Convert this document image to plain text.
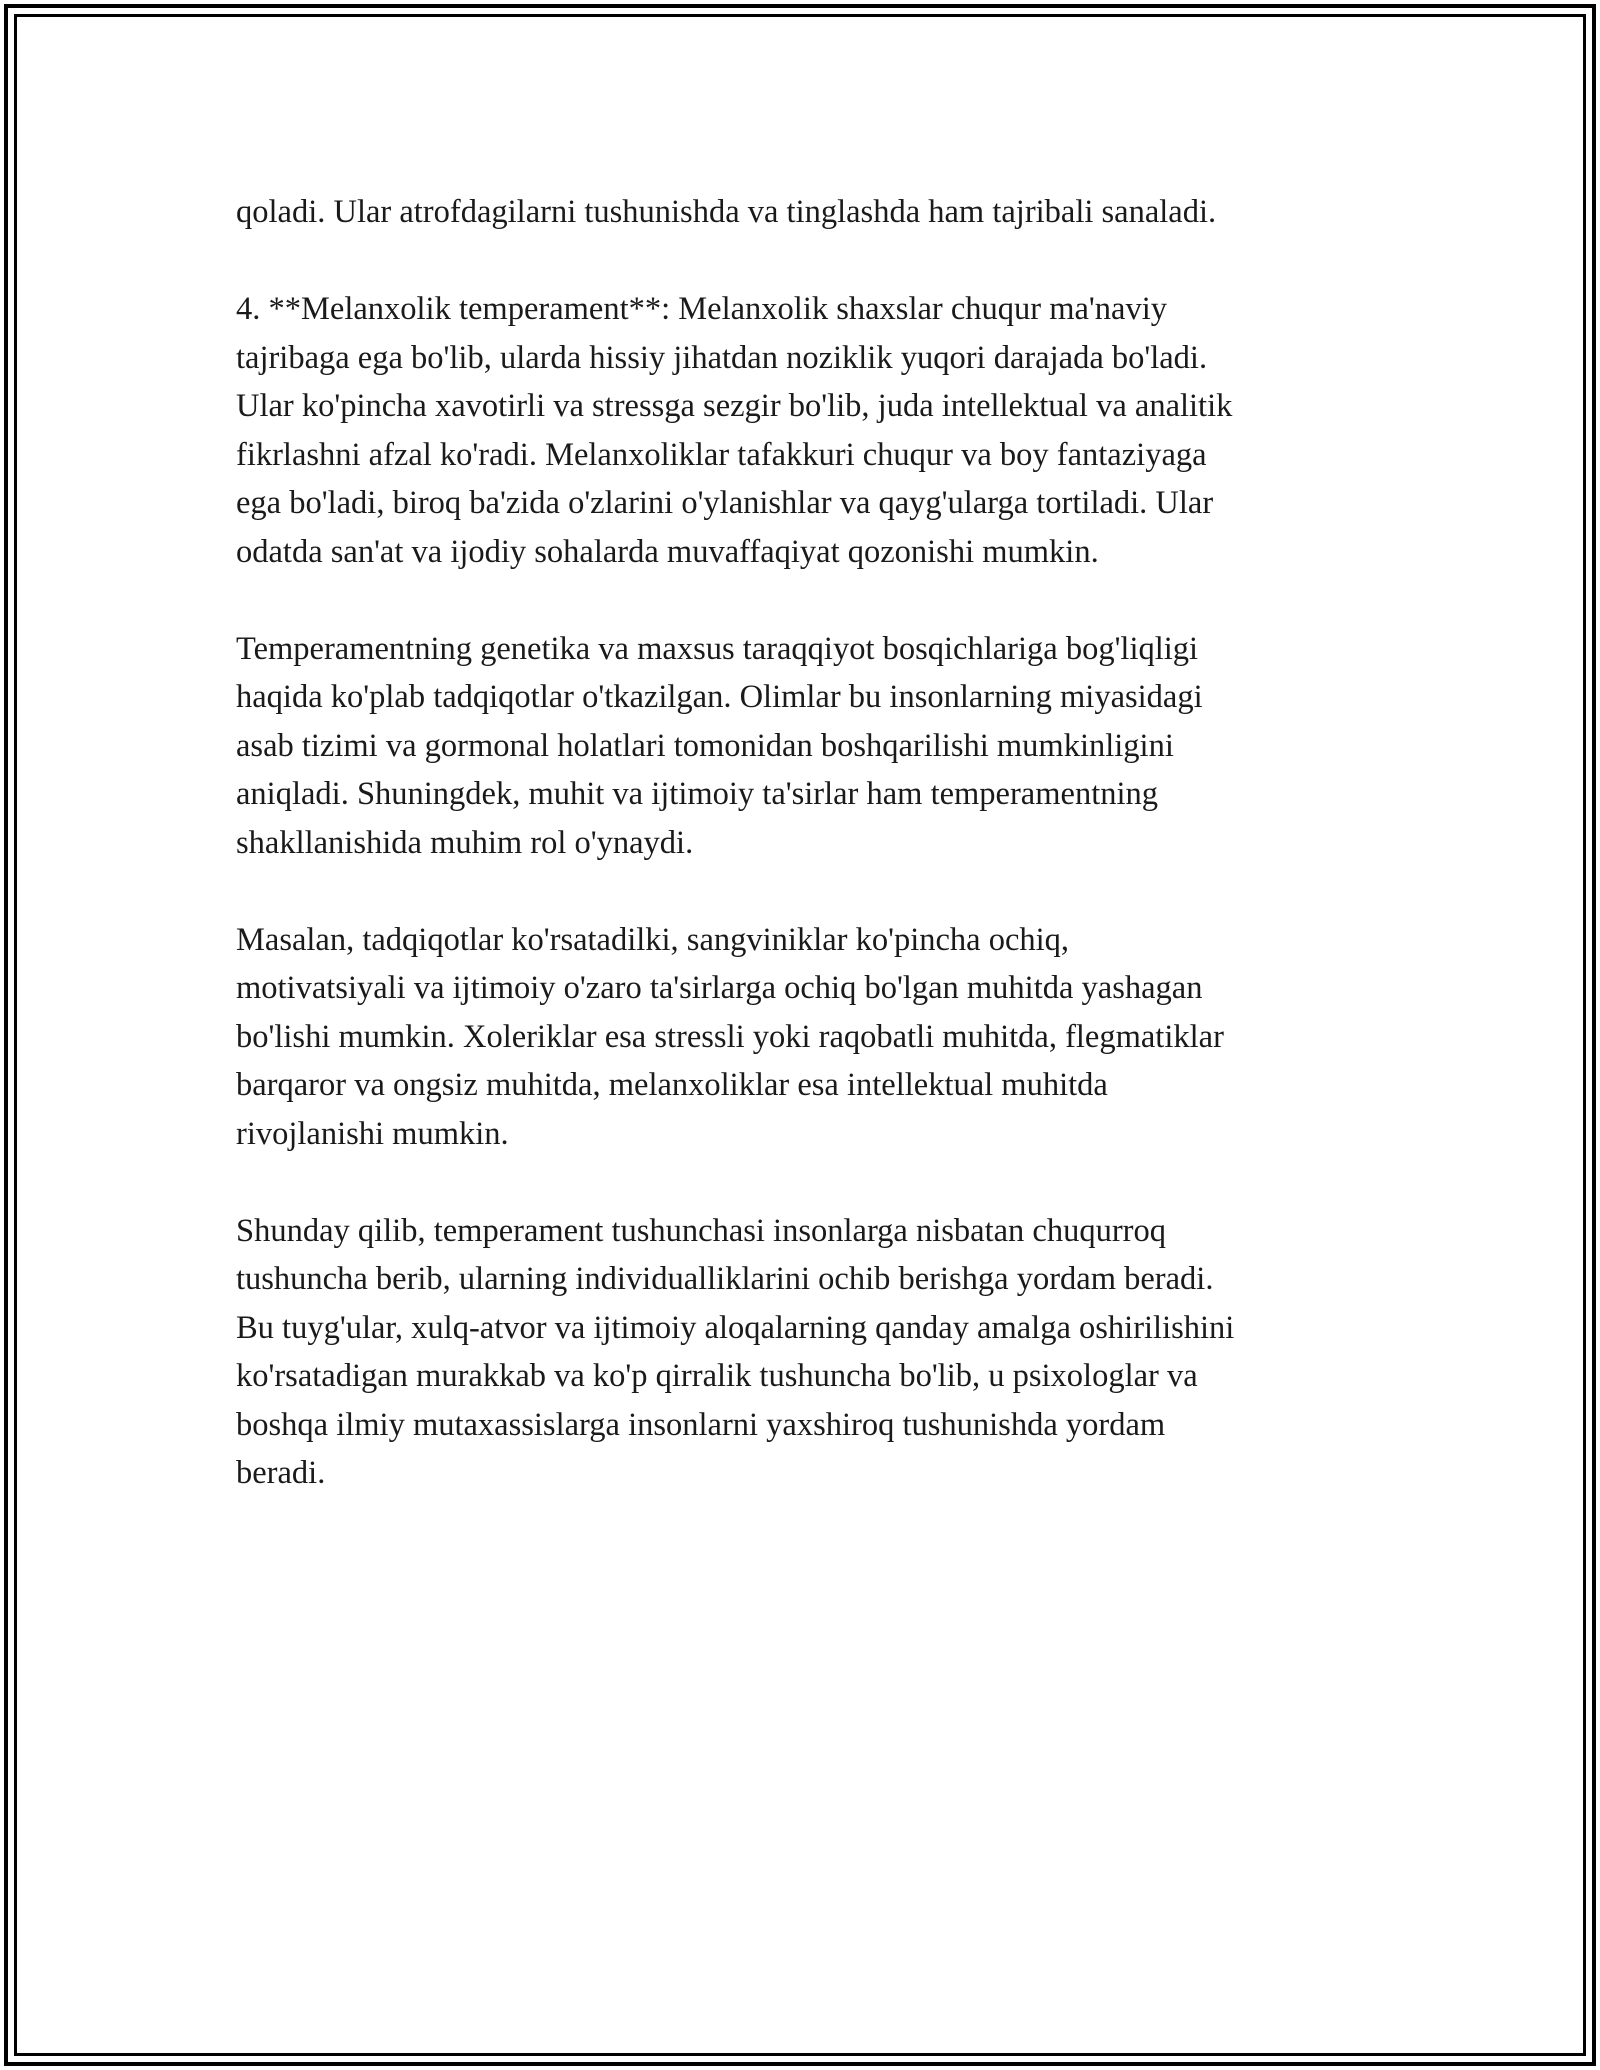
qoladi. Ular atrofdagilarni tushunishda va tinglashda ham tajribali sanaladi.

4. **Melanxolik temperament**: Melanxolik shaxslar chuqur ma'naviy
tajribaga ega bo'lib, ularda hissiy jihatdan noziklik yuqori darajada bo'ladi.
Ular ko'pincha xavotirli va stressga sezgir bo'lib, juda intellektual va analitik
fikrlashni afzal ko'radi. Melanxoliklar tafakkuri chuqur va boy fantaziyaga
ega bo'ladi, biroq ba'zida o'zlarini o'ylanishlar va qayg'ularga tortiladi. Ular
odatda san'at va ijodiy sohalarda muvaffaqiyat qozonishi mumkin.

Temperamentning genetika va maxsus taraqqiyot bosqichlariga bog'liqligi
haqida ko'plab tadqiqotlar o'tkazilgan. Olimlar bu insonlarning miyasidagi
asab tizimi va gormonal holatlari tomonidan boshqarilishi mumkinligini
aniqladi. Shuningdek, muhit va ijtimoiy ta'sirlar ham temperamentning
shakllanishida muhim rol o'ynaydi.

Masalan, tadqiqotlar ko'rsatadilki, sangviniklar ko'pincha ochiq,
motivatsiyali va ijtimoiy o'zaro ta'sirlarga ochiq bo'lgan muhitda yashagan
bo'lishi mumkin. Xoleriklar esa stressli yoki raqobatli muhitda, flegmatiklar
barqaror va ongsiz muhitda, melanxoliklar esa intellektual muhitda
rivojlanishi mumkin.

Shunday qilib, temperament tushunchasi insonlarga nisbatan chuqurroq
tushuncha berib, ularning individualliklarini ochib berishga yordam beradi.
Bu tuyg'ular, xulq-atvor va ijtimoiy aloqalarning qanday amalga oshirilishini
ko'rsatadigan murakkab va ko'p qirralik tushuncha bo'lib, u psixologlar va
boshqa ilmiy mutaxassislarga insonlarni yaxshiroq tushunishda yordam
beradi.
